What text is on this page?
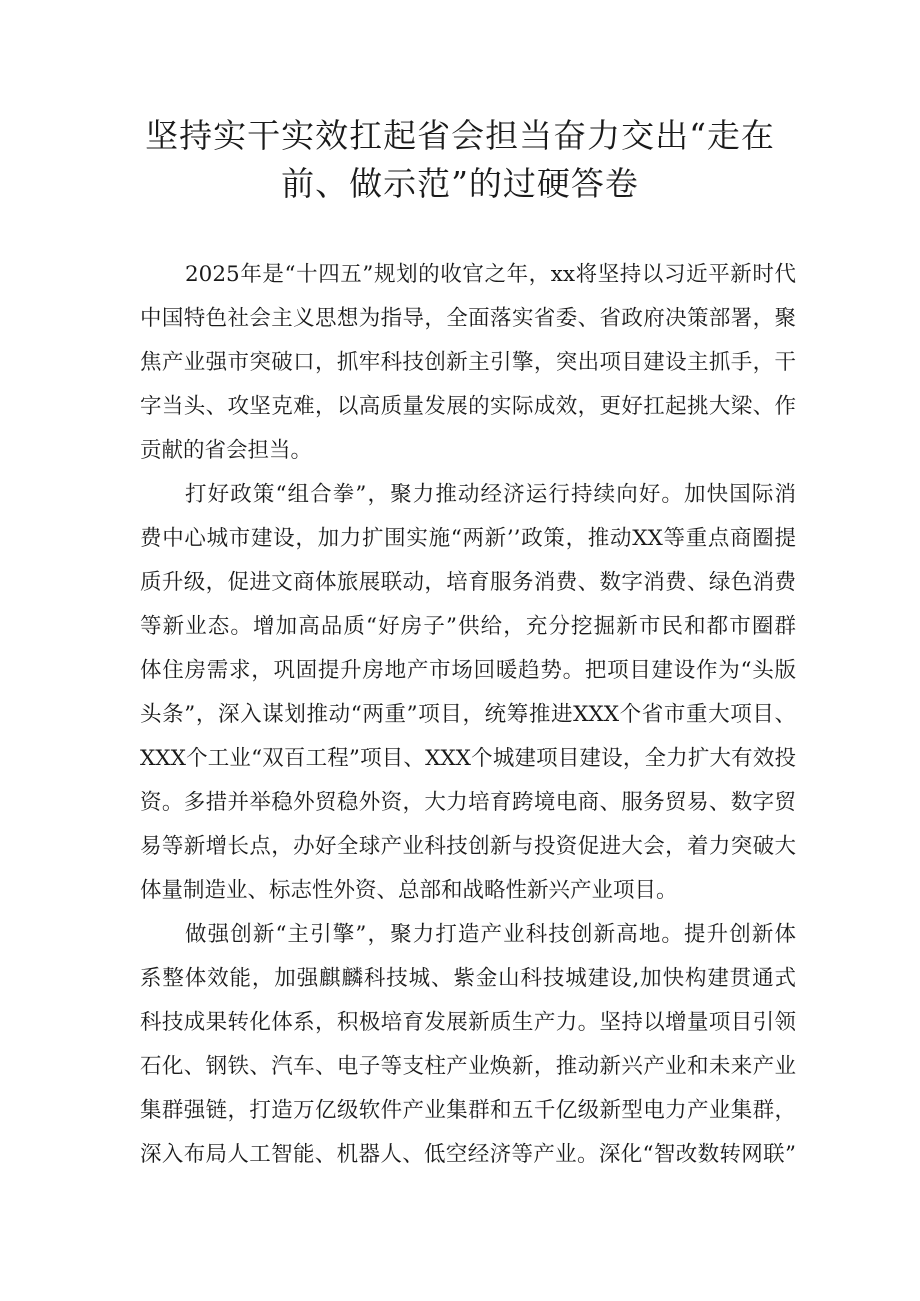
坚持实干实效扛起省会担当奋力交出“走在
前、做示范”的过硬答卷
2025年是“十四五”规划的收官之年，xx将坚持以习近平新时代
中国特色社会主义思想为指导，全面落实省委、省政府决策部署，聚
焦产业强市突破口，抓牢科技创新主引擎，突出项目建设主抓手，干
字当头、攻坚克难，以高质量发展的实际成效，更好扛起挑大梁、作
贡献的省会担当。
打好政策“组合拳”，聚力推动经济运行持续向好。加快国际消
费中心城市建设，加力扩围实施“两新’’政策，推动XX等重点商圈提
质升级，促进文商体旅展联动，培育服务消费、数字消费、绿色消费
等新业态。增加高品质“好房子”供给，充分挖掘新市民和都市圈群
体住房需求，巩固提升房地产市场回暖趋势。把项目建设作为“头版
头条”，深入谋划推动“两重”项目，统筹推进XXX个省市重大项目、
XXX个工业“双百工程”项目、XXX个城建项目建设，全力扩大有效投
资。多措并举稳外贸稳外资，大力培育跨境电商、服务贸易、数字贸
易等新增长点，办好全球产业科技创新与投资促进大会，着力突破大
体量制造业、标志性外资、总部和战略性新兴产业项目。
做强创新“主引擎”，聚力打造产业科技创新高地。提升创新体
系整体效能，加强麒麟科技城、紫金山科技城建设,加快构建贯通式
科技成果转化体系，积极培育发展新质生产力。坚持以增量项目引领
石化、钢铁、汽车、电子等支柱产业焕新，推动新兴产业和未来产业
集群强链，打造万亿级软件产业集群和五千亿级新型电力产业集群，
深入布局人工智能、机器人、低空经济等产业。深化“智改数转网联”
